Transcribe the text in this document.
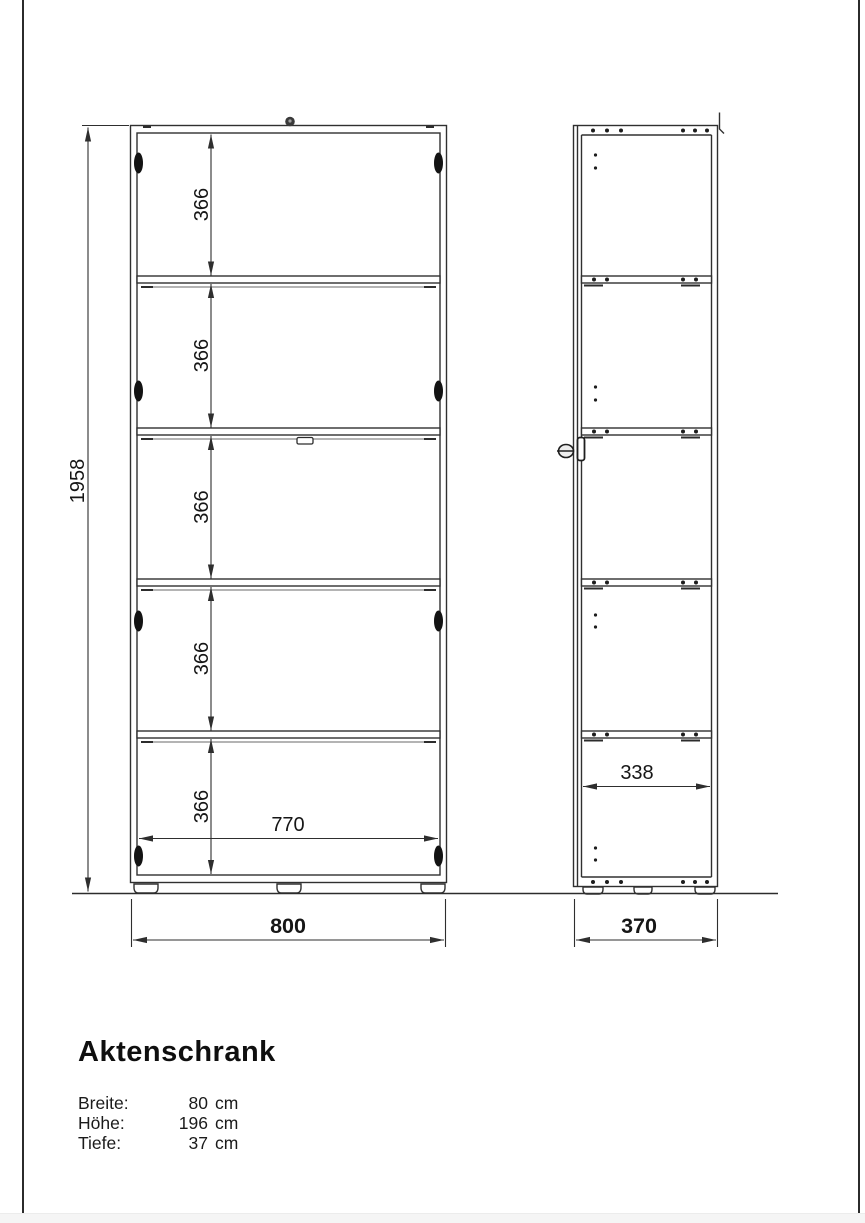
1958
366
366
366
366
366
770
800
338
370
Aktenschrank
Breite:	80 cm
Höhe:	196 cm
Tiefe:	37 cm
